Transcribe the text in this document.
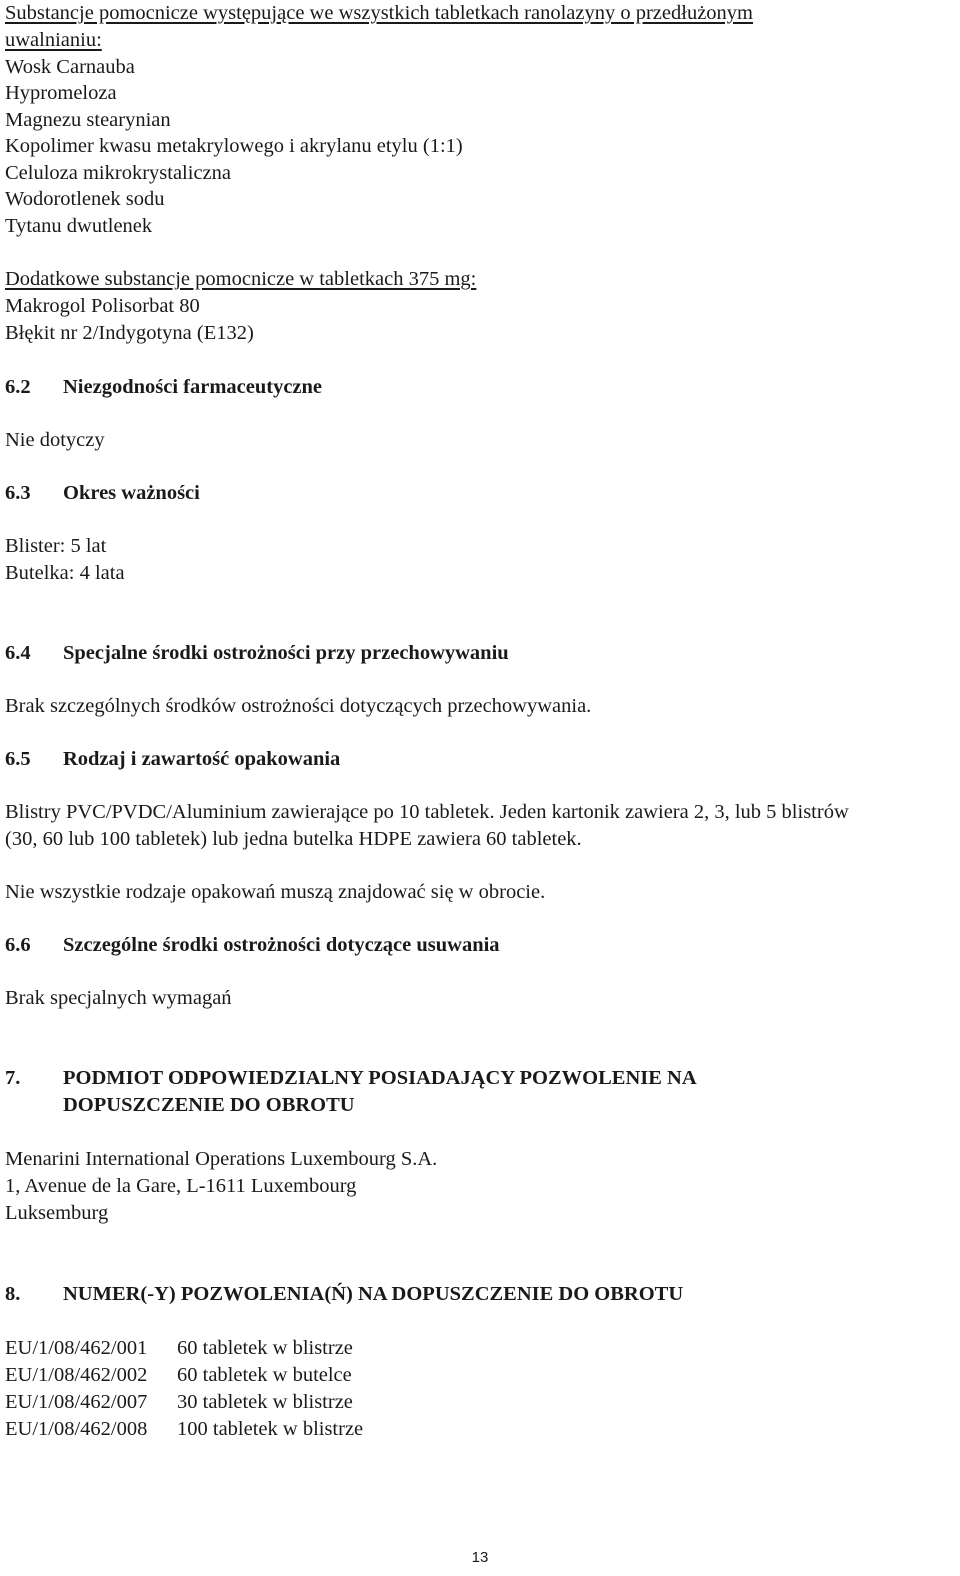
Substancje pomocnicze występujące we wszystkich tabletkach ranolazyny o przedłużonym
uwalnianiu:
Wosk Carnauba
Hypromeloza
Magnezu stearynian
Kopolimer kwasu metakrylowego i akrylanu etylu (1:1)
Celuloza mikrokrystaliczna
Wodorotlenek sodu
Tytanu dwutlenek
Dodatkowe substancje pomocnicze w tabletkach 375 mg:
Makrogol Polisorbat 80
Błękit nr 2/Indygotyna (E132)
6.2 Niezgodności farmaceutyczne
Nie dotyczy
6.3 Okres ważności
Blister: 5 lat
Butelka: 4 lata
6.4 Specjalne środki ostrożności przy przechowywaniu
Brak szczególnych środków ostrożności dotyczących przechowywania.
6.5 Rodzaj i zawartość opakowania
Blistry PVC/PVDC/Aluminium zawierające po 10 tabletek. Jeden kartonik zawiera 2, 3, lub 5 blistrów
(30, 60 lub 100 tabletek) lub jedna butelka HDPE zawiera 60 tabletek.
Nie wszystkie rodzaje opakowań muszą znajdować się w obrocie.
6.6 Szczególne środki ostrożności dotyczące usuwania
Brak specjalnych wymagań
7. PODMIOT ODPOWIEDZIALNY POSIADAJĄCY POZWOLENIE NA
DOPUSZCZENIE DO OBROTU
Menarini International Operations Luxembourg S.A.
1, Avenue de la Gare, L-1611 Luxembourg
Luksemburg
8. NUMER(-Y) POZWOLENIA(Ń) NA DOPUSZCZENIE DO OBROTU
EU/1/08/462/001 60 tabletek w blistrze
EU/1/08/462/002 60 tabletek w butelce
EU/1/08/462/007 30 tabletek w blistrze
EU/1/08/462/008 100 tabletek w blistrze
13
